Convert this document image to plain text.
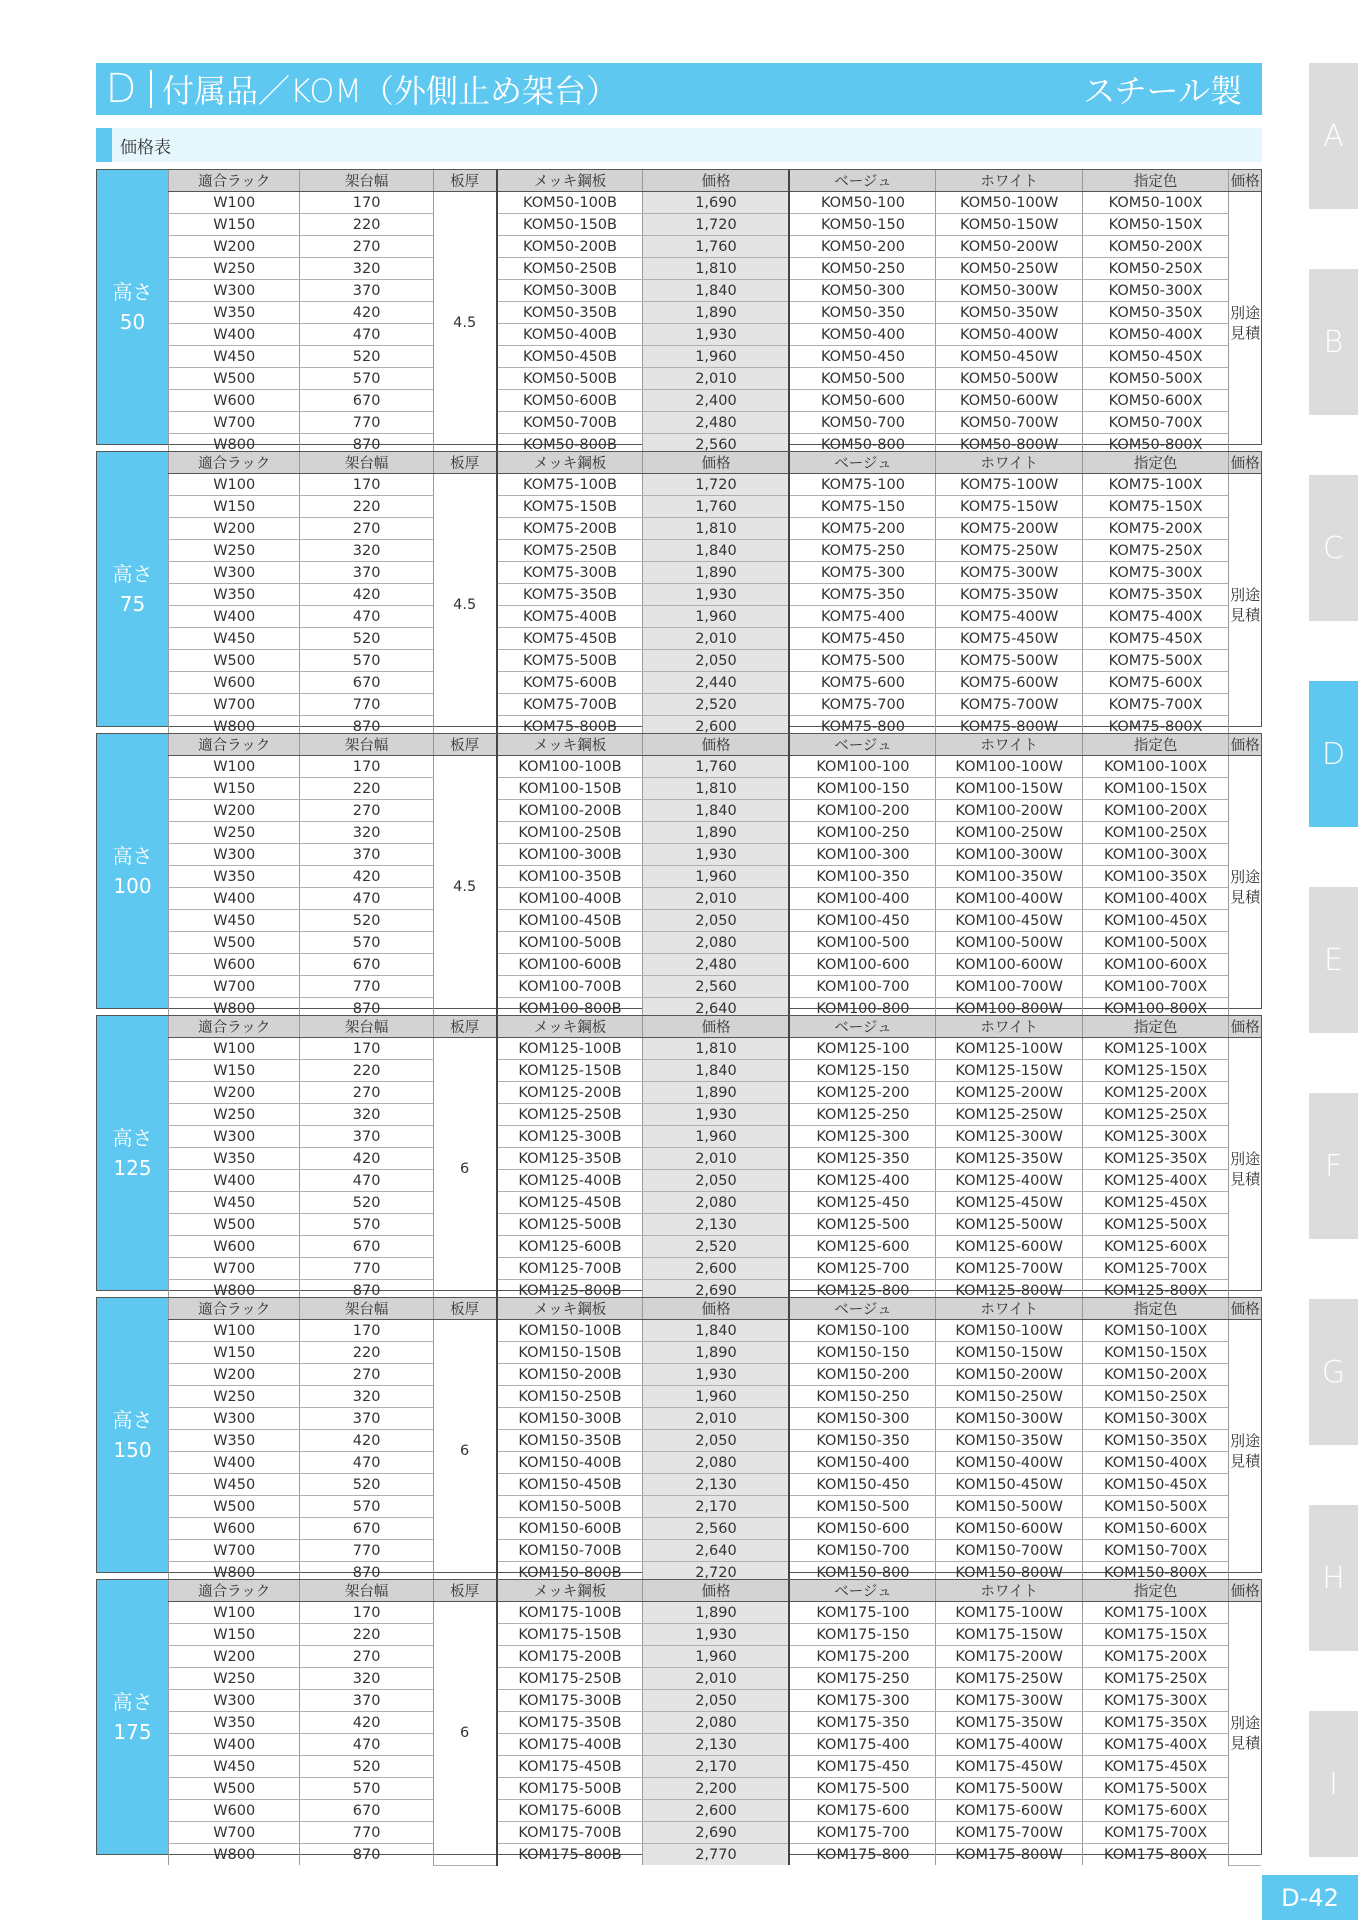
D 付属品／KOM（外側止め架台）	スチール製
価格表
高さ
50
適合ラック	架台幅	板厚	メッキ鋼板	価格	ベージュ	ホワイト	指定色	価格
W100	170	4.5	KOM50-100B	1,690	KOM50-100	KOM50-100W	KOM50-100X	別途見積
W150	220		KOM50-150B	1,720	KOM50-150	KOM50-150W	KOM50-150X	
W200	270		KOM50-200B	1,760	KOM50-200	KOM50-200W	KOM50-200X	
W250	320		KOM50-250B	1,810	KOM50-250	KOM50-250W	KOM50-250X	
W300	370		KOM50-300B	1,840	KOM50-300	KOM50-300W	KOM50-300X	
W350	420		KOM50-350B	1,890	KOM50-350	KOM50-350W	KOM50-350X	
W400	470		KOM50-400B	1,930	KOM50-400	KOM50-400W	KOM50-400X	
W450	520		KOM50-450B	1,960	KOM50-450	KOM50-450W	KOM50-450X	
W500	570		KOM50-500B	2,010	KOM50-500	KOM50-500W	KOM50-500X	
W600	670		KOM50-600B	2,400	KOM50-600	KOM50-600W	KOM50-600X	
W700	770		KOM50-700B	2,480	KOM50-700	KOM50-700W	KOM50-700X	
W800	870		KOM50-800B	2,560	KOM50-800	KOM50-800W	KOM50-800X	
高さ
75
適合ラック	架台幅	板厚	メッキ鋼板	価格	ベージュ	ホワイト	指定色	価格
W100	170	4.5	KOM75-100B	1,720	KOM75-100	KOM75-100W	KOM75-100X	別途見積
W150	220		KOM75-150B	1,760	KOM75-150	KOM75-150W	KOM75-150X	
W200	270		KOM75-200B	1,810	KOM75-200	KOM75-200W	KOM75-200X	
W250	320		KOM75-250B	1,840	KOM75-250	KOM75-250W	KOM75-250X	
W300	370		KOM75-300B	1,890	KOM75-300	KOM75-300W	KOM75-300X	
W350	420		KOM75-350B	1,930	KOM75-350	KOM75-350W	KOM75-350X	
W400	470		KOM75-400B	1,960	KOM75-400	KOM75-400W	KOM75-400X	
W450	520		KOM75-450B	2,010	KOM75-450	KOM75-450W	KOM75-450X	
W500	570		KOM75-500B	2,050	KOM75-500	KOM75-500W	KOM75-500X	
W600	670		KOM75-600B	2,440	KOM75-600	KOM75-600W	KOM75-600X	
W700	770		KOM75-700B	2,520	KOM75-700	KOM75-700W	KOM75-700X	
W800	870		KOM75-800B	2,600	KOM75-800	KOM75-800W	KOM75-800X	
高さ
100
適合ラック	架台幅	板厚	メッキ鋼板	価格	ベージュ	ホワイト	指定色	価格
W100	170	4.5	KOM100-100B	1,760	KOM100-100	KOM100-100W	KOM100-100X	別途見積
W150	220		KOM100-150B	1,810	KOM100-150	KOM100-150W	KOM100-150X	
W200	270		KOM100-200B	1,840	KOM100-200	KOM100-200W	KOM100-200X	
W250	320		KOM100-250B	1,890	KOM100-250	KOM100-250W	KOM100-250X	
W300	370		KOM100-300B	1,930	KOM100-300	KOM100-300W	KOM100-300X	
W350	420		KOM100-350B	1,960	KOM100-350	KOM100-350W	KOM100-350X	
W400	470		KOM100-400B	2,010	KOM100-400	KOM100-400W	KOM100-400X	
W450	520		KOM100-450B	2,050	KOM100-450	KOM100-450W	KOM100-450X	
W500	570		KOM100-500B	2,080	KOM100-500	KOM100-500W	KOM100-500X	
W600	670		KOM100-600B	2,480	KOM100-600	KOM100-600W	KOM100-600X	
W700	770		KOM100-700B	2,560	KOM100-700	KOM100-700W	KOM100-700X	
W800	870		KOM100-800B	2,640	KOM100-800	KOM100-800W	KOM100-800X	
高さ
125
適合ラック	架台幅	板厚	メッキ鋼板	価格	ベージュ	ホワイト	指定色	価格
W100	170	6	KOM125-100B	1,810	KOM125-100	KOM125-100W	KOM125-100X	別途見積
W150	220		KOM125-150B	1,840	KOM125-150	KOM125-150W	KOM125-150X	
W200	270		KOM125-200B	1,890	KOM125-200	KOM125-200W	KOM125-200X	
W250	320		KOM125-250B	1,930	KOM125-250	KOM125-250W	KOM125-250X	
W300	370		KOM125-300B	1,960	KOM125-300	KOM125-300W	KOM125-300X	
W350	420		KOM125-350B	2,010	KOM125-350	KOM125-350W	KOM125-350X	
W400	470		KOM125-400B	2,050	KOM125-400	KOM125-400W	KOM125-400X	
W450	520		KOM125-450B	2,080	KOM125-450	KOM125-450W	KOM125-450X	
W500	570		KOM125-500B	2,130	KOM125-500	KOM125-500W	KOM125-500X	
W600	670		KOM125-600B	2,520	KOM125-600	KOM125-600W	KOM125-600X	
W700	770		KOM125-700B	2,600	KOM125-700	KOM125-700W	KOM125-700X	
W800	870		KOM125-800B	2,690	KOM125-800	KOM125-800W	KOM125-800X	
高さ
150
適合ラック	架台幅	板厚	メッキ鋼板	価格	ベージュ	ホワイト	指定色	価格
W100	170	6	KOM150-100B	1,840	KOM150-100	KOM150-100W	KOM150-100X	別途見積
W150	220		KOM150-150B	1,890	KOM150-150	KOM150-150W	KOM150-150X	
W200	270		KOM150-200B	1,930	KOM150-200	KOM150-200W	KOM150-200X	
W250	320		KOM150-250B	1,960	KOM150-250	KOM150-250W	KOM150-250X	
W300	370		KOM150-300B	2,010	KOM150-300	KOM150-300W	KOM150-300X	
W350	420		KOM150-350B	2,050	KOM150-350	KOM150-350W	KOM150-350X	
W400	470		KOM150-400B	2,080	KOM150-400	KOM150-400W	KOM150-400X	
W450	520		KOM150-450B	2,130	KOM150-450	KOM150-450W	KOM150-450X	
W500	570		KOM150-500B	2,170	KOM150-500	KOM150-500W	KOM150-500X	
W600	670		KOM150-600B	2,560	KOM150-600	KOM150-600W	KOM150-600X	
W700	770		KOM150-700B	2,640	KOM150-700	KOM150-700W	KOM150-700X	
W800	870		KOM150-800B	2,720	KOM150-800	KOM150-800W	KOM150-800X	
高さ
175
適合ラック	架台幅	板厚	メッキ鋼板	価格	ベージュ	ホワイト	指定色	価格
W100	170	6	KOM175-100B	1,890	KOM175-100	KOM175-100W	KOM175-100X	別途見積
W150	220		KOM175-150B	1,930	KOM175-150	KOM175-150W	KOM175-150X	
W200	270		KOM175-200B	1,960	KOM175-200	KOM175-200W	KOM175-200X	
W250	320		KOM175-250B	2,010	KOM175-250	KOM175-250W	KOM175-250X	
W300	370		KOM175-300B	2,050	KOM175-300	KOM175-300W	KOM175-300X	
W350	420		KOM175-350B	2,080	KOM175-350	KOM175-350W	KOM175-350X	
W400	470		KOM175-400B	2,130	KOM175-400	KOM175-400W	KOM175-400X	
W450	520		KOM175-450B	2,170	KOM175-450	KOM175-450W	KOM175-450X	
W500	570		KOM175-500B	2,200	KOM175-500	KOM175-500W	KOM175-500X	
W600	670		KOM175-600B	2,600	KOM175-600	KOM175-600W	KOM175-600X	
W700	770		KOM175-700B	2,690	KOM175-700	KOM175-700W	KOM175-700X	
W800	870		KOM175-800B	2,770	KOM175-800	KOM175-800W	KOM175-800X	
A
B
C
D
E
F
G
H
I
D-42
